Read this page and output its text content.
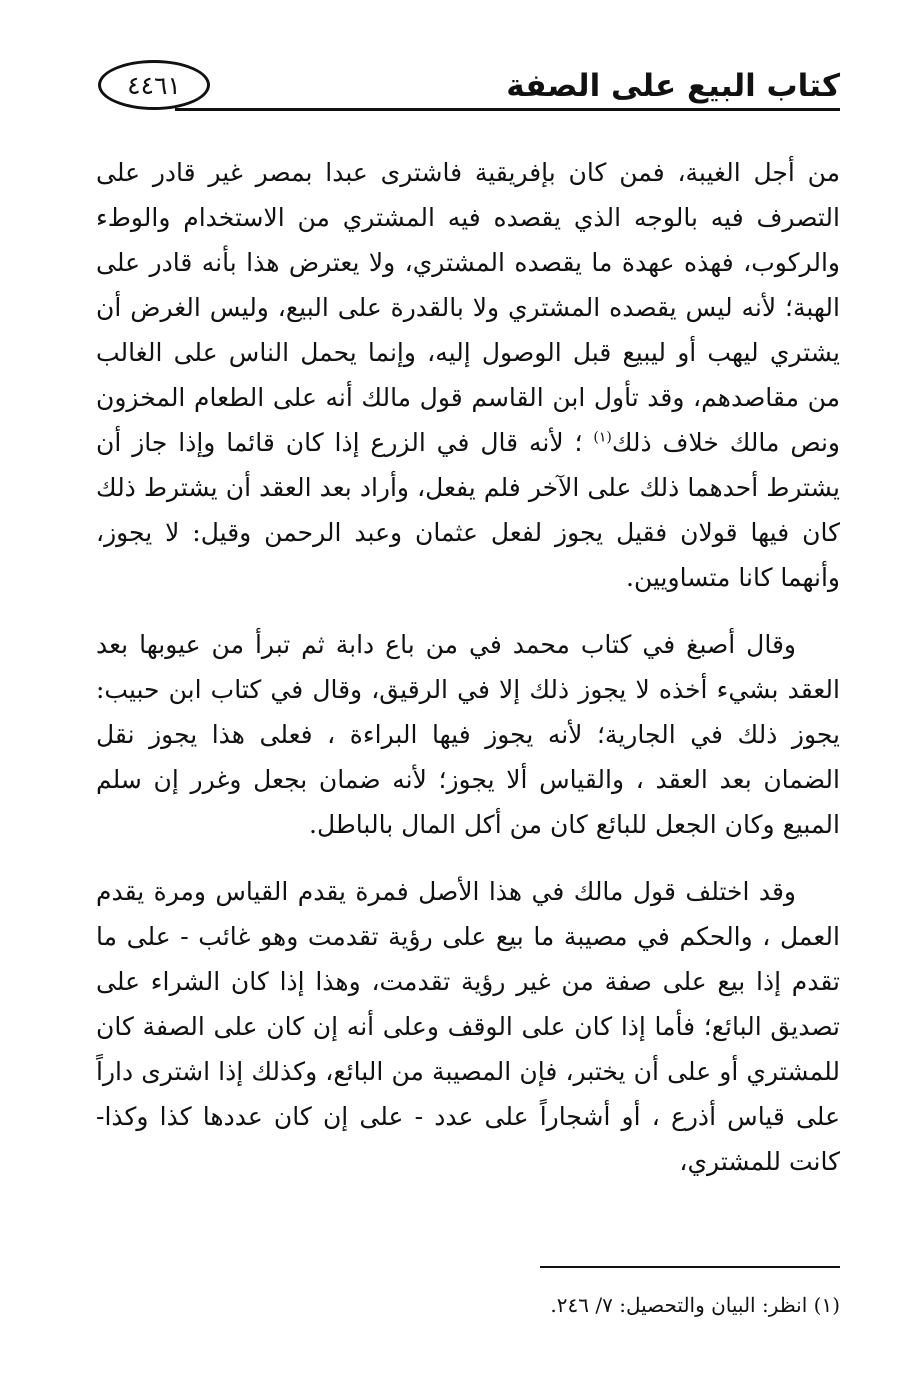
كتاب البيع على الصفة
٤٤٦١

من أجل الغيبة، فمن كان بإفريقية فاشترى عبدا بمصر غير قادر على التصرف فيه بالوجه الذي يقصده فيه المشتري من الاستخدام والوطء والركوب، فهذه عهدة ما يقصده المشتري، ولا يعترض هذا بأنه قادر على الهبة؛ لأنه ليس يقصده المشتري ولا بالقدرة على البيع، وليس الغرض أن يشتري ليهب أو ليبيع قبل الوصول إليه، وإنما يحمل الناس على الغالب من مقاصدهم، وقد تأول ابن القاسم قول مالك أنه على الطعام المخزون ونص مالك خلاف ذلك$^{(١)}$ ؛ لأنه قال في الزرع إذا كان قائما وإذا جاز أن يشترط أحدهما ذلك على الآخر فلم يفعل، وأراد بعد العقد أن يشترط ذلك كان فيها قولان فقيل يجوز لفعل عثمان وعبد الرحمن وقيل: لا يجوز، وأنهما كانا متساويين.

وقال أصبغ في كتاب محمد في من باع دابة ثم تبرأ من عيوبها بعد العقد بشيء أخذه لا يجوز ذلك إلا في الرقيق، وقال في كتاب ابن حبيب: يجوز ذلك في الجارية؛ لأنه يجوز فيها البراءة ، فعلى هذا يجوز نقل الضمان بعد العقد ، والقياس ألا يجوز؛ لأنه ضمان بجعل وغرر إن سلم المبيع وكان الجعل للبائع كان من أكل المال بالباطل.

وقد اختلف قول مالك في هذا الأصل فمرة يقدم القياس ومرة يقدم العمل ، والحكم في مصيبة ما بيع على رؤية تقدمت وهو غائب - على ما تقدم إذا بيع على صفة من غير رؤية تقدمت، وهذا إذا كان الشراء على تصديق البائع؛ فأما إذا كان على الوقف وعلى أنه إن كان على الصفة كان للمشتري أو على أن يختبر، فإن المصيبة من البائع، وكذلك إذا اشترى داراً على قياس أذرع ، أو أشجاراً على عدد - على إن كان عددها كذا وكذا- كانت للمشتري،

(١) انظر: البيان والتحصيل: ٧/ ٢٤٦.
